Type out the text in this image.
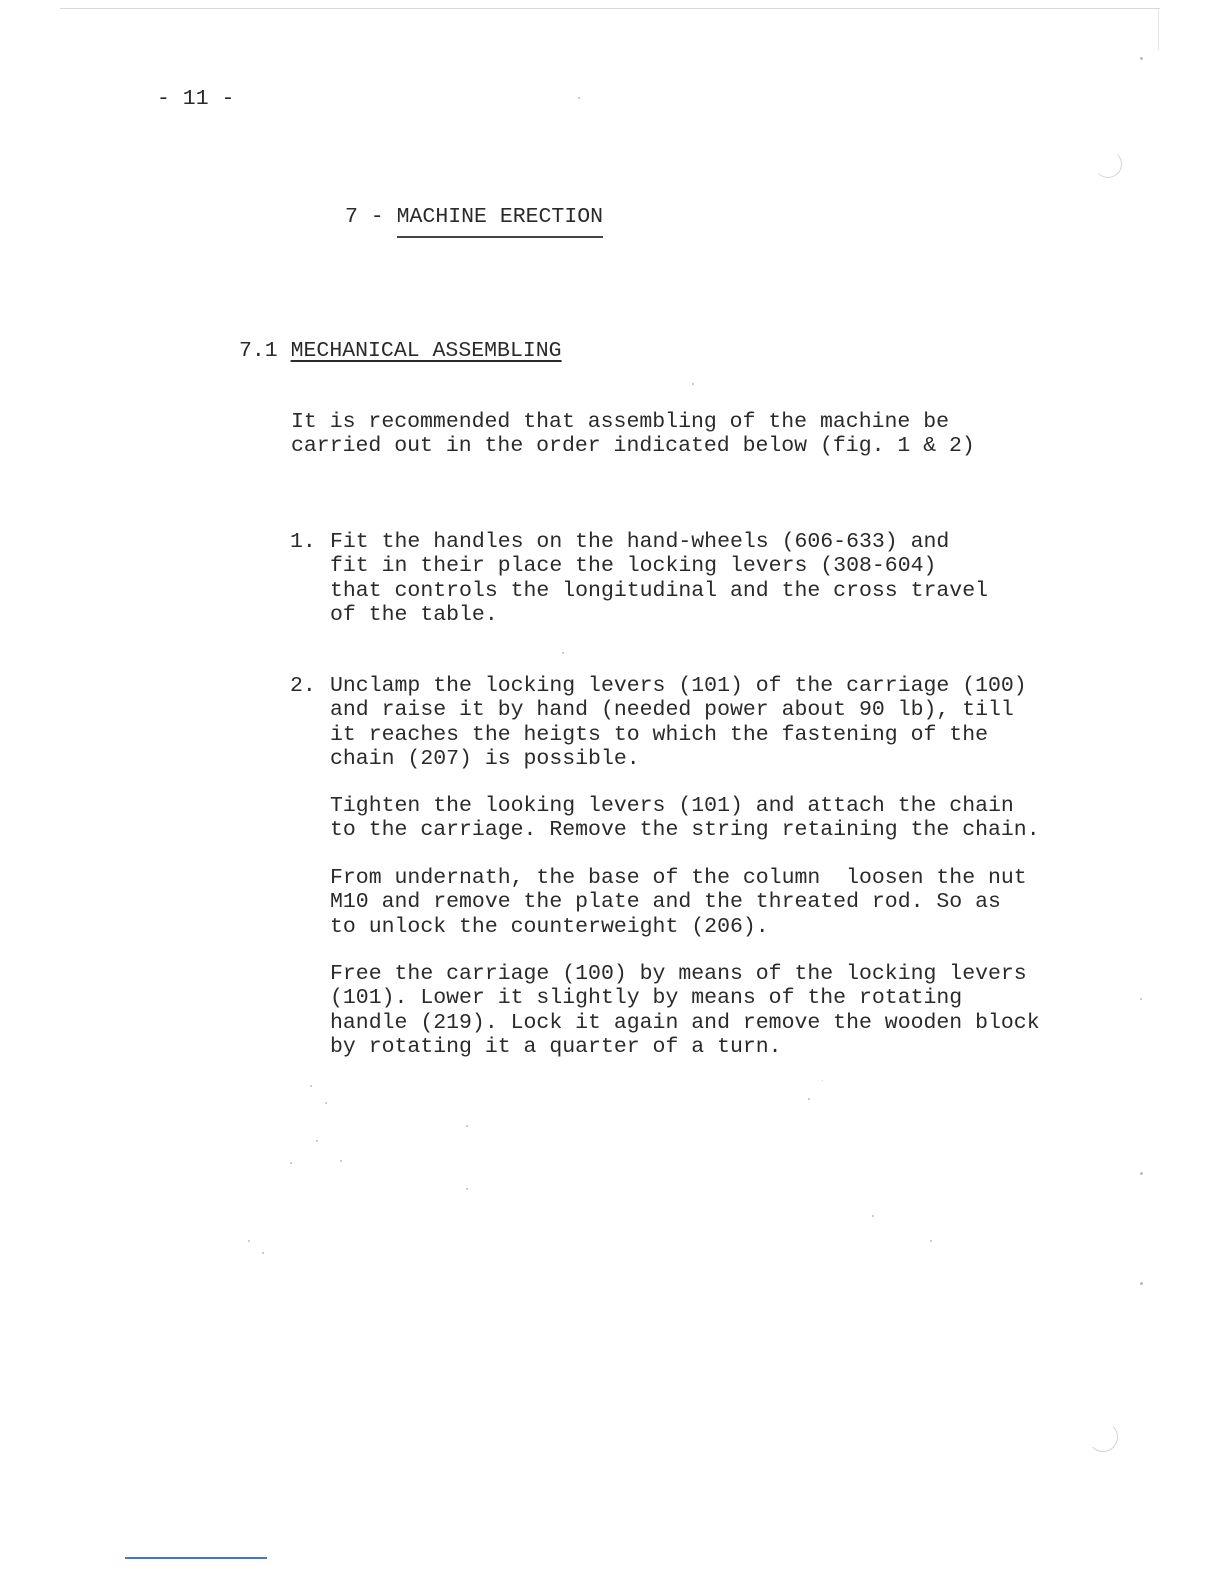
- 11 -
7 - MACHINE ERECTION
7.1 MECHANICAL ASSEMBLING
It is recommended that assembling of the machine be
carried out in the order indicated below (fig. 1 & 2)
1. Fit the handles on the hand-wheels (606-633) and
fit in their place the locking levers (308-604)
that controls the longitudinal and the cross travel
of the table.
2. Unclamp the locking levers (101) of the carriage (100)
and raise it by hand (needed power about 90 lb), till
it reaches the heigts to which the fastening of the
chain (207) is possible.
Tighten the looking levers (101) and attach the chain
to the carriage. Remove the string retaining the chain.
From undernath, the base of the column  loosen the nut
M10 and remove the plate and the threated rod. So as
to unlock the counterweight (206).
Free the carriage (100) by means of the locking levers
(101). Lower it slightly by means of the rotating
handle (219). Lock it again and remove the wooden block
by rotating it a quarter of a turn.
